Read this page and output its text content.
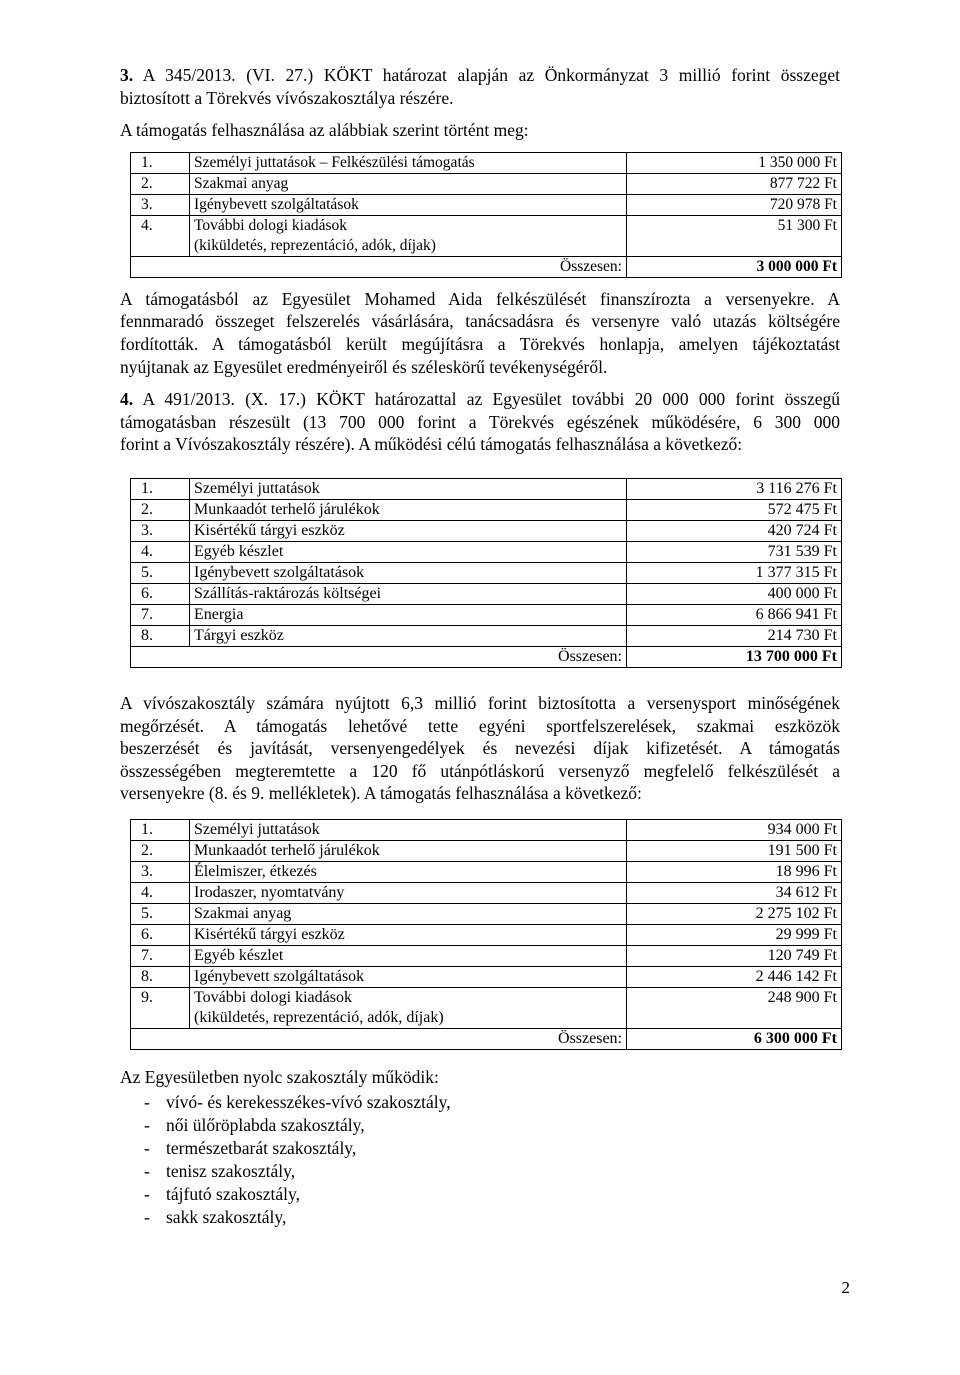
3. A 345/2013. (VI. 27.) KÖKT határozat alapján az Önkormányzat 3 millió forint összeget

biztosított a Törekvés vívószakosztálya részére.

A támogatás felhasználása az alábbiak szerint történt meg:

1.	Személyi juttatások – Felkészülési támogatás	1 350 000 Ft
2.	Szakmai anyag	877 722 Ft
3.	Igénybevett szolgáltatások	720 978 Ft
4.	További dologi kiadások
(kiküldetés, reprezentáció, adók, díjak)	51 300 Ft
	Összesen:	3 000 000 Ft

A támogatásból az Egyesület Mohamed Aida felkészülését finanszírozta a versenyekre. A

fennmaradó összeget felszerelés vásárlására, tanácsadásra és versenyre való utazás költségére

fordították. A támogatásból került megújításra a Törekvés honlapja, amelyen tájékoztatást

nyújtanak az Egyesület eredményeiről és széleskörű tevékenységéről.

4. A 491/2013. (X. 17.) KÖKT határozattal az Egyesület további 20 000 000 forint összegű

támogatásban részesült (13 700 000 forint a Törekvés egészének működésére, 6 300 000

forint a Vívószakosztály részére). A működési célú támogatás felhasználása a következő:

1.	Személyi juttatások	3 116 276 Ft
2.	Munkaadót terhelő járulékok	572 475 Ft
3.	Kisértékű tárgyi eszköz	420 724 Ft
4.	Egyéb készlet	731 539 Ft
5.	Igénybevett szolgáltatások	1 377 315 Ft
6.	Szállítás-raktározás költségei	400 000 Ft
7.	Energia	6 866 941 Ft
8.	Tárgyi eszköz	214 730 Ft
	Összesen:	13 700 000 Ft

A vívószakosztály számára nyújtott 6,3 millió forint biztosította a versenysport minőségének

megőrzését. A támogatás lehetővé tette egyéni sportfelszerelések, szakmai eszközök

beszerzését és javítását, versenyengedélyek és nevezési díjak kifizetését. A támogatás

összességében megteremtette a 120 fő utánpótláskorú versenyző megfelelő felkészülését a

versenyekre (8. és 9. mellékletek). A támogatás felhasználása a következő:

1.	Személyi juttatások	934 000 Ft
2.	Munkaadót terhelő járulékok	191 500 Ft
3.	Élelmiszer, étkezés	18 996 Ft
4.	Irodaszer, nyomtatvány	34 612 Ft
5.	Szakmai anyag	2 275 102 Ft
6.	Kisértékű tárgyi eszköz	29 999 Ft
7.	Egyéb készlet	120 749 Ft
8.	Igénybevett szolgáltatások	2 446 142 Ft
9.	További dologi kiadások
(kiküldetés, reprezentáció, adók, díjak)	248 900 Ft
	Összesen:	6 300 000 Ft

Az Egyesületben nyolc szakosztály működik:

- vívó- és kerekesszékes-vívó szakosztály,
- női ülőröplabda szakosztály,
- természetbarát szakosztály,
- tenisz szakosztály,
- tájfutó szakosztály,
- sakk szakosztály,
2
